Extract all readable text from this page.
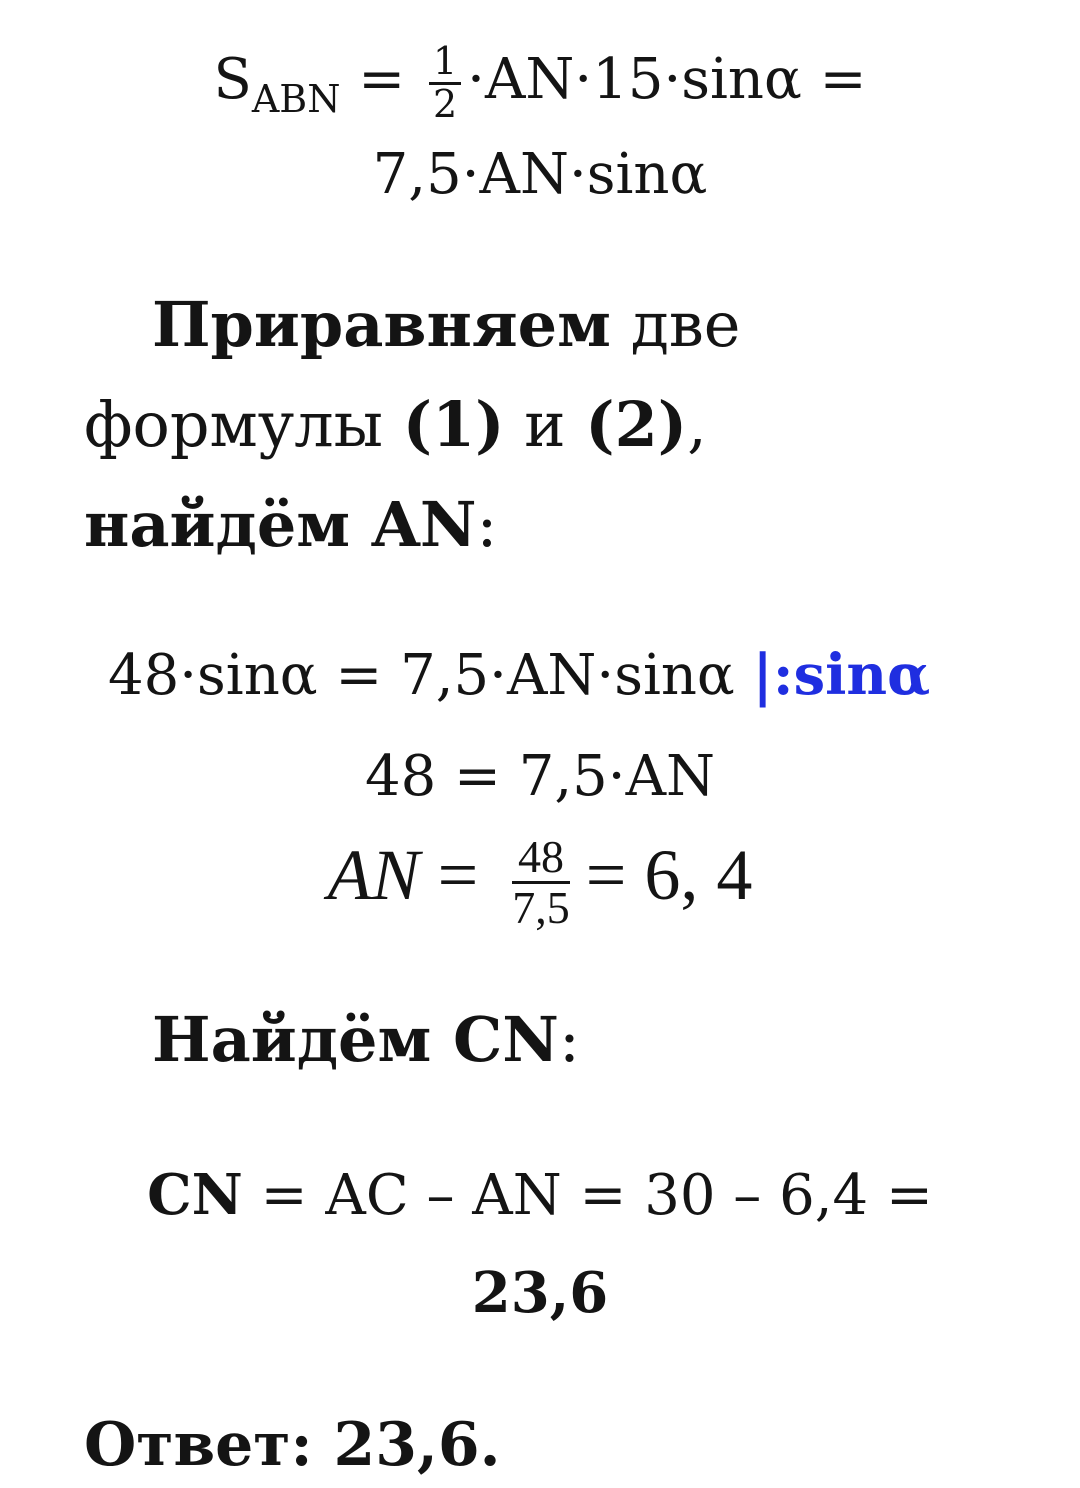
$S_{ABN} = \frac{1}{2} \cdot AN\cdot 15\cdot\sin\alpha$ =
7,5·AN·sinα
Приравняем две формулы (1) и (2), найдём AN:
48·sinα = 7,5·AN·sinα |:sinα
48 = 7,5·AN
AN = $\frac{48}{7,5} = 6$, 4
Найдём CN:
CN = AC – AN = 30 – 6,4 =
23,6
Ответ: 23,6.
